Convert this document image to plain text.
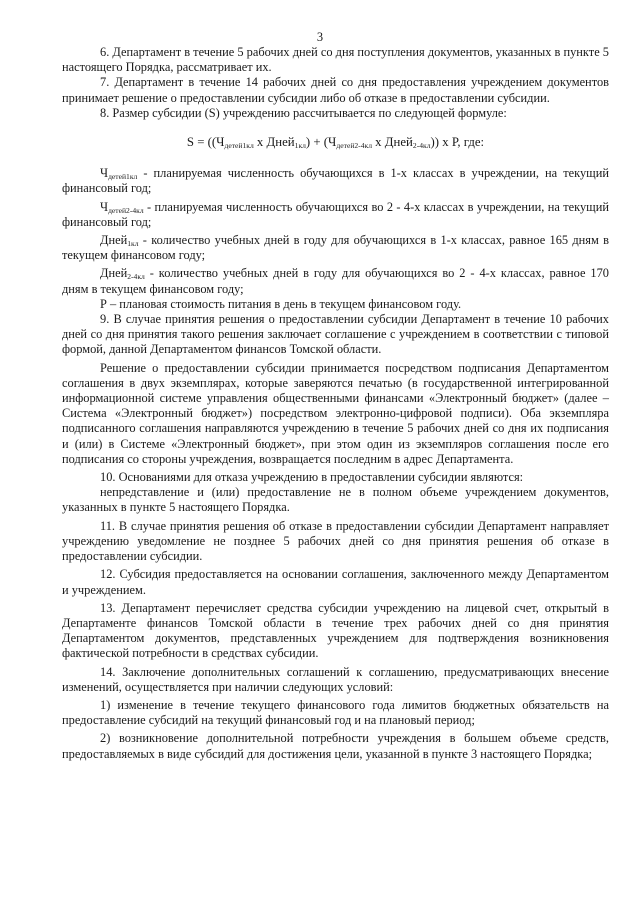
3

6. Департамент в течение 5 рабочих дней со дня поступления документов, указанных в пункте 5 настоящего Порядка, рассматривает их.

7. Департамент в течение 14 рабочих дней со дня предоставления учреждением документов принимает решение о предоставлении субсидии либо об отказе в предоставлении субсидии.

8. Размер субсидии (S) учреждению рассчитывается по следующей формуле:

$S = ((Ч_{детей1кл}$ х Дней$_{1кл}$) + ($Ч_{детей2-4кл}$ х Дней$_{2-4кл}$)) х Р, где:

$Ч_{детей1кл}$ - планируемая численность обучающихся в 1-х классах в учреждении, на текущий финансовый год;

$Ч_{детей2-4кл}$ - планируемая численность обучающихся во 2 - 4-х классах в учреждении, на текущий финансовый год;

Дней$_{1кл}$ - количество учебных дней в году для обучающихся в 1-х классах, равное 165 дням в текущем финансовом году;

Дней$_{2-4кл}$ - количество учебных дней в году для обучающихся во 2 - 4-х классах, равное 170 дням в текущем финансовом году;

Р – плановая стоимость питания в день в текущем финансовом году.

9. В случае принятия решения о предоставлении субсидии Департамент в течение 10 рабочих дней со дня принятия такого решения заключает соглашение с учреждением в соответствии с типовой формой, данной Департаментом финансов Томской области.

Решение о предоставлении субсидии принимается посредством подписания Департаментом соглашения в двух экземплярах, которые заверяются печатью (в государственной интегрированной информационной системе управления общественными финансами «Электронный бюджет» (далее – Система «Электронный бюджет») посредством электронно-цифровой подписи). Оба экземпляра подписанного соглашения направляются учреждению в течение 5 рабочих дней со дня их подписания и (или) в Системе «Электронный бюджет», при этом один из экземпляров соглашения после его подписания со стороны учреждения, возвращается последним в адрес Департамента.

10. Основаниями для отказа учреждению в предоставлении субсидии являются:

непредставление и (или) предоставление не в полном объеме учреждением документов, указанных в пункте 5 настоящего Порядка.

11. В случае принятия решения об отказе в предоставлении субсидии Департамент направляет учреждению уведомление не позднее 5 рабочих дней со дня принятия решения об отказе в предоставлении субсидии.

12. Субсидия предоставляется на основании соглашения, заключенного между Департаментом и учреждением.

13. Департамент перечисляет средства субсидии учреждению на лицевой счет, открытый в Департаменте финансов Томской области в течение трех рабочих дней со дня принятия Департаментом документов, представленных учреждением для подтверждения возникновения фактической потребности в средствах субсидии.

14. Заключение дополнительных соглашений к соглашению, предусматривающих внесение изменений, осуществляется при наличии следующих условий:

1) изменение в течение текущего финансового года лимитов бюджетных обязательств на предоставление субсидий на текущий финансовый год и на плановый период;

2) возникновение дополнительной потребности учреждения в большем объеме средств, предоставляемых в виде субсидий для достижения цели, указанной в пункте 3 настоящего Порядка;
